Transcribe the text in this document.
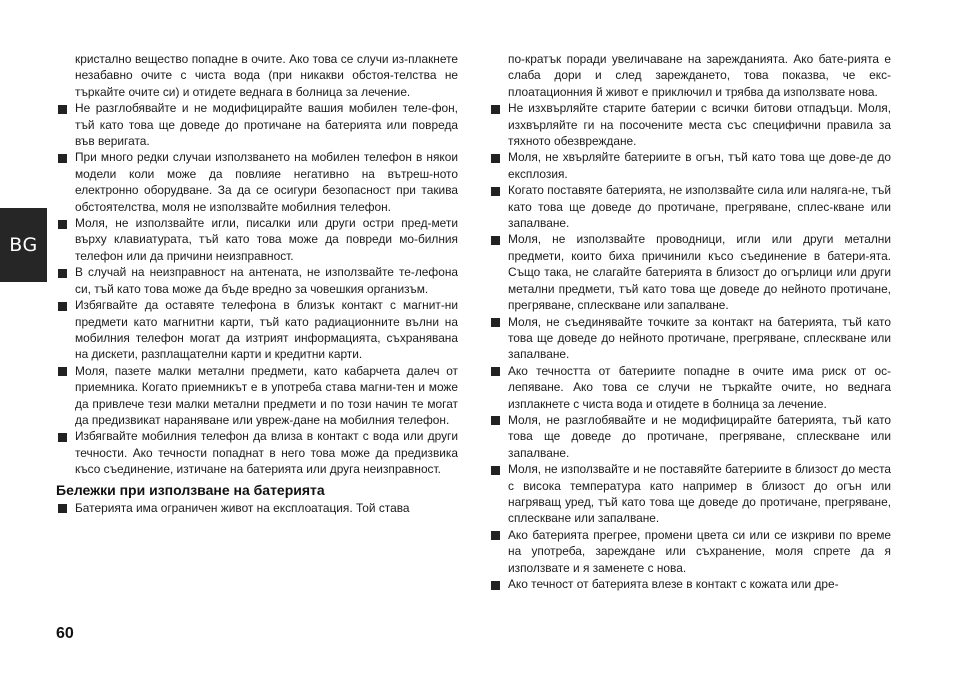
BG
кристално вещество попадне в очите. Ако това се случи из-плакнете незабавно очите с чиста вода (при никакви обстоя-телства не търкайте очите си) и отидете веднага в болница за лечение.
Не разглобявайте и не модифицирайте вашия мобилен теле-фон, тъй като това ще доведе до протичане на батерията или повреда във веригата.
При много редки случаи използването на мобилен телефон в някои модели коли може да повлияе негативно на вътреш-ното електронно оборудване. За да се осигури безопасност при такива обстоятелства, моля не използвайте мобилния телефон.
Моля, не използвайте игли, писалки или други остри пред-мети върху клавиатурата, тъй като това може да повреди мо-билния телефон или да причини неизправност.
В случай на неизправност на антената, не използвайте те-лефона си, тъй като това може да бъде вредно за човешкия организъм.
Избягвайте да оставяте телефона в близък контакт с магнит-ни предмети като магнитни карти, тъй като радиационните вълни на мобилния телефон могат да изтрият информацията, съхранявана на дискети, разплащателни карти и кредитни карти.
Моля, пазете малки метални предмети, като кабарчета далеч от приемника. Когато приемникът е в употреба става магни-тен и може да привлече тези малки метални предмети и по този начин те могат да предизвикат нараняване или увреж-дане на мобилния телефон.
Избягвайте мобилния телефон да влиза в контакт с вода или други течности. Ако течности попаднат в него това може да предизвика късо съединение, изтичане на батерията или друга неизправност.
Бележки при използване на батерията
Батерията има ограничен живот на експлоатация. Той става
по-кратък поради увеличаване на зарежданията. Ако бате-рията е слаба дори и след зареждането, това показва, че екс-плоатационния й живот е приключил и трябва да използвате нова.
Не изхвърляйте старите батерии с всички битови отпадъци. Моля, изхвърляйте ги на посочените места със специфични правила за тяхното обезвреждане.
Моля, не хвърляйте батериите в огън, тъй като това ще дове-де до експлозия.
Когато поставяте батерията, не използвайте сила или наляга-не, тъй като това ще доведе до протичане, прегряване, сплес-кване или запалване.
Моля, не използвайте проводници, игли или други метални предмети, които биха причинили късо съединение в батери-ята. Също така, не слагайте батерията в близост до огърлици или други метални предмети, тъй като това ще доведе до нейното протичане, прегряване, сплескване или запалване.
Моля, не съединявайте точките за контакт на батерията, тъй като това ще доведе до нейното протичане, прегряване, сплескване или запалване.
Ако течността от батериите попадне в очите има риск от ос-лепяване. Ако това се случи не търкайте очите, но веднага изплакнете с чиста вода и отидете в болница за лечение.
Моля, не разглобявайте и не модифицирайте батерията, тъй като това ще доведе до протичане, прегряване, сплескване или запалване.
Моля, не използвайте и не поставяйте батериите в близост до места с висока температура като например в близост до огън или нагряващ уред, тъй като това ще доведе до протичане, прегряване, сплескване или запалване.
Ако батерията прегрее, промени цвета си или се изкриви по време на употреба, зареждане или съхранение, моля спрете да я използвате и я заменете с нова.
Ако течност от батерията влезе в контакт с кожата или дре-
60
